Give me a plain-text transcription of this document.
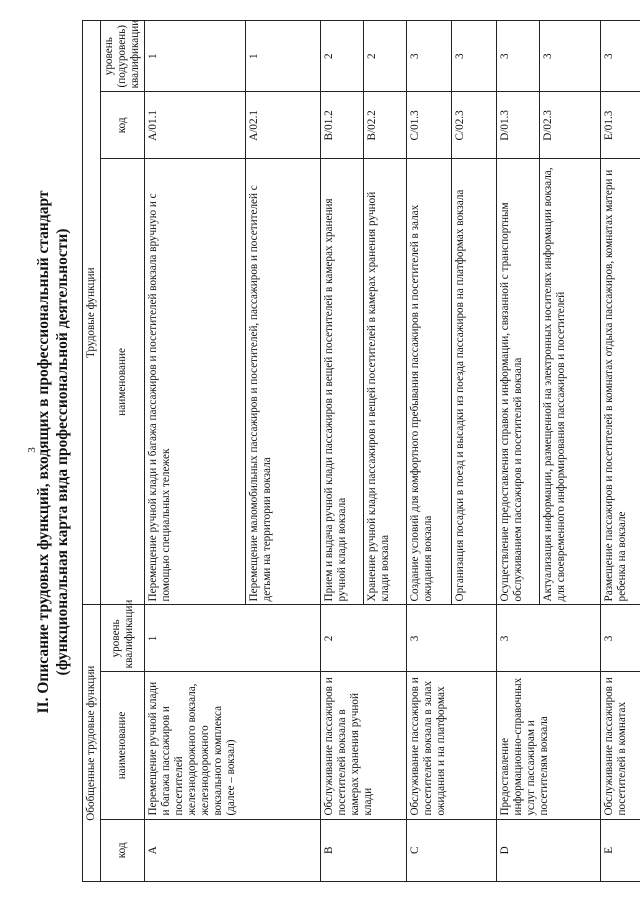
3
II. Описание трудовых функций, входящих в профессиональный стандарт (функциональная карта вида профессиональной деятельности)
Обобщенные трудовые функции			Трудовые функции		
код	наименование	уровень квалификации	наименование	код	уровень (подуровень) квалификации
A	Перемещение ручной клади и багажа пассажиров и посетителей железнодорожного вокзала, железнодорожного вокзального комплекса (далее – вокзал)	1	Перемещение ручной клади и багажа пассажиров и посетителей вокзала вручную и с помощью специальных тележек	A/01.1	1
			Перемещение маломобильных пассажиров и посетителей, пассажиров и посетителей с детьми на территории вокзала	A/02.1	1
B	Обслуживание пассажиров и посетителей вокзала в камерах хранения ручной клади	2	Прием и выдача ручной клади пассажиров и вещей посетителей в камерах хранения ручной клади вокзала	B/01.2	2
			Хранение ручной клади пассажиров и вещей посетителей в камерах хранения ручной клади вокзала	B/02.2	2
C	Обслуживание пассажиров и посетителей вокзала в залах ожидания и на платформах	3	Создание условий для комфортного пребывания пассажиров и посетителей в залах ожидания вокзала	C/01.3	3
			Организация посадки в поезд и высадки из поезда пассажиров на платформах вокзала	C/02.3	3
D	Предоставление информационно-справочных услуг пассажирам и посетителям вокзала	3	Осуществление предоставления справок и информации, связанной с транспортным обслуживанием пассажиров и посетителей вокзала	D/01.3	3
			Актуализация информации, размещенной на электронных носителях информации вокзала, для своевременного информирования пассажиров и посетителей	D/02.3	3
E	Обслуживание пассажиров и посетителей в комнатах	3	Размещение пассажиров и посетителей в комнатах отдыха пассажиров, комнатах матери и ребенка на вокзале	E/01.3	3
